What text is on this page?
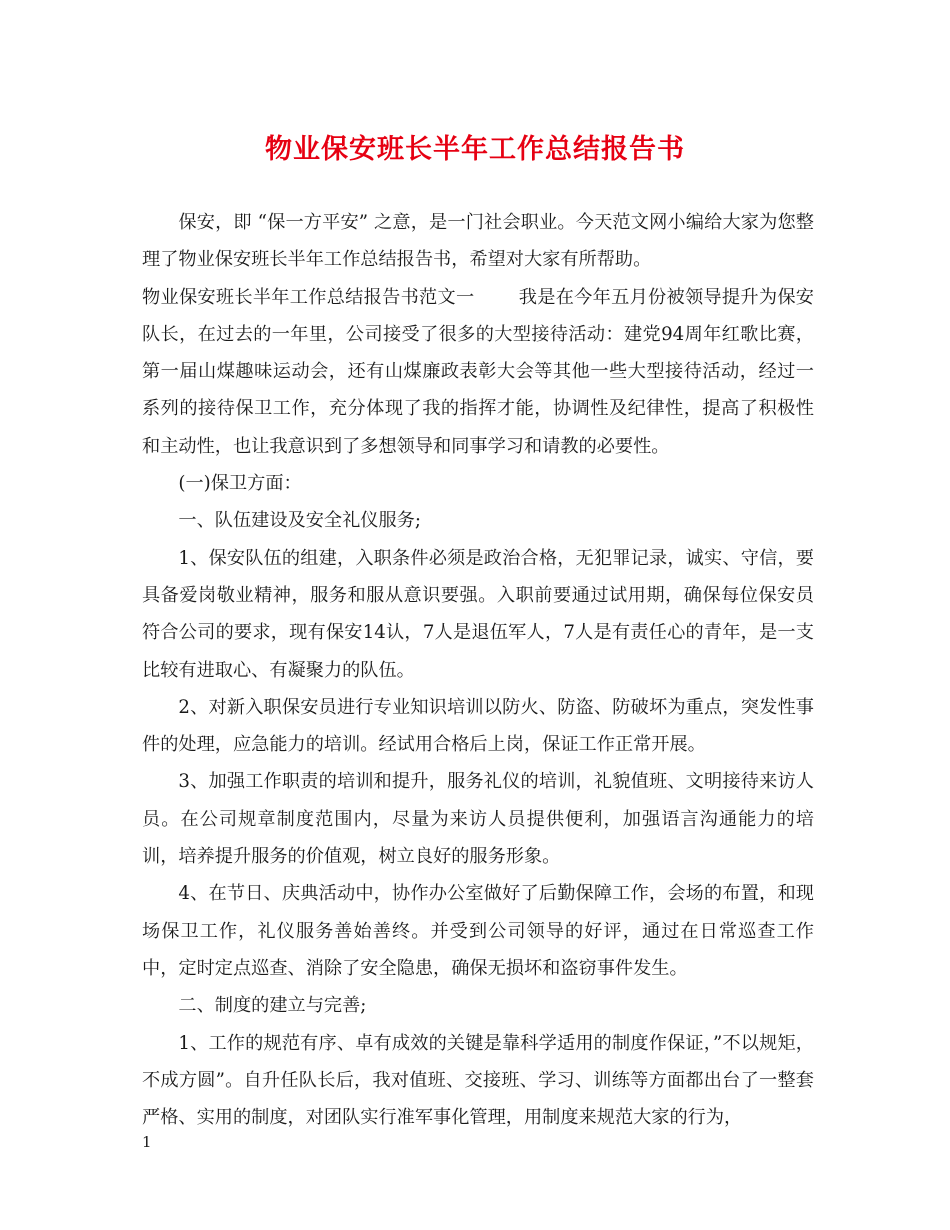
物业保安班长半年工作总结报告书

保安，即 “保一方平安” 之意，是一门社会职业。今天范文网小编给大家为您整理了物业保安班长半年工作总结报告书，希望对大家有所帮助。

物业保安班长半年工作总结报告书范文一 我是在今年五月份被领导提升为保安队长，在过去的一年里，公司接受了很多的大型接待活动：建党94周年红歌比赛，第一届山煤趣味运动会，还有山煤廉政表彰大会等其他一些大型接待活动，经过一系列的接待保卫工作，充分体现了我的指挥才能，协调性及纪律性，提高了积极性和主动性，也让我意识到了多想领导和同事学习和请教的必要性。

(一)保卫方面：

一、队伍建设及安全礼仪服务;

1、保安队伍的组建，入职条件必须是政治合格，无犯罪记录，诚实、守信，要具备爱岗敬业精神，服务和服从意识要强。入职前要通过试用期，确保每位保安员符合公司的要求，现有保安14认，7人是退伍军人，7人是有责任心的青年，是一支比较有进取心、有凝聚力的队伍。

2、对新入职保安员进行专业知识培训以防火、防盗、防破坏为重点，突发性事件的处理，应急能力的培训。经试用合格后上岗，保证工作正常开展。

3、加强工作职责的培训和提升，服务礼仪的培训，礼貌值班、文明接待来访人员。在公司规章制度范围内，尽量为来访人员提供便利，加强语言沟通能力的培训，培养提升服务的价值观，树立良好的服务形象。

4、在节日、庆典活动中，协作办公室做好了后勤保障工作，会场的布置，和现场保卫工作，礼仪服务善始善终。并受到公司领导的好评，通过在日常巡查工作中，定时定点巡查、消除了安全隐患，确保无损坏和盗窃事件发生。

二、制度的建立与完善;

1、工作的规范有序、卓有成效的关键是靠科学适用的制度作保证，”不以规矩，不成方圆”。自升任队长后，我对值班、交接班、学习、训练等方面都出台了一整套严格、实用的制度，对团队实行准军事化管理，用制度来规范大家的行为，

1
